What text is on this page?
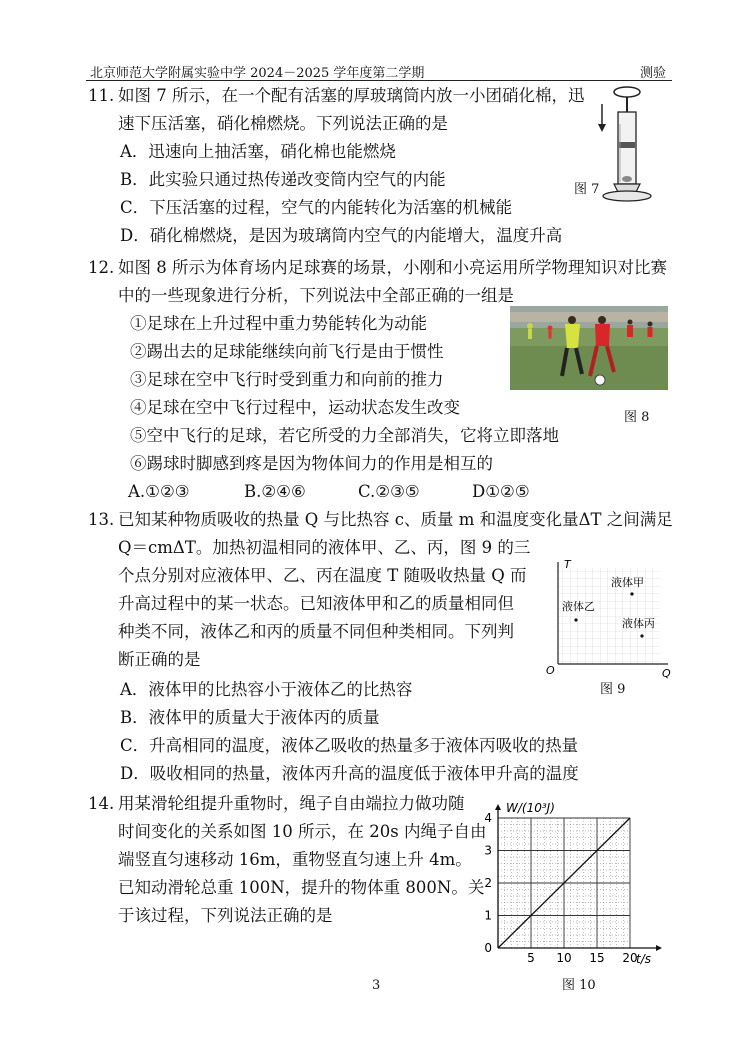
北京师范大学附属实验中学 2024－2025 学年度第二学期	测验
11. 如图 7 所示，在一个配有活塞的厚玻璃筒内放一小团硝化棉，迅
速下压活塞，硝化棉燃烧。下列说法正确的是
A．迅速向上抽活塞，硝化棉也能燃烧
B．此实验只通过热传递改变筒内空气的内能
C．下压活塞的过程，空气的内能转化为活塞的机械能
D．硝化棉燃烧，是因为玻璃筒内空气的内能增大，温度升高
图 7
12. 如图 8 所示为体育场内足球赛的场景，小刚和小亮运用所学物理知识对比赛
中的一些现象进行分析，下列说法中全部正确的一组是
①足球在上升过程中重力势能转化为动能
②踢出去的足球能继续向前飞行是由于惯性
③足球在空中飞行时受到重力和向前的推力
④足球在空中飞行过程中，运动状态发生改变
⑤空中飞行的足球，若它所受的力全部消失，它将立即落地
⑥踢球时脚感到疼是因为物体间力的作用是相互的
A.①②③	B.②④⑥	C.②③⑤	D①②⑤
图 8
13. 已知某种物质吸收的热量 Q 与比热容 c、质量 m 和温度变化量ΔT 之间满足
Q＝cmΔT。加热初温相同的液体甲、乙、丙，图 9 的三
个点分别对应液体甲、乙、丙在温度 T 随吸收热量 Q 而
升高过程中的某一状态。已知液体甲和乙的质量相同但
种类不同，液体乙和丙的质量不同但种类相同。下列判
断正确的是
A．液体甲的比热容小于液体乙的比热容
B．液体甲的质量大于液体丙的质量
C．升高相同的温度，液体乙吸收的热量多于液体丙吸收的热量
D．吸收相同的热量，液体丙升高的温度低于液体甲升高的温度
T
Q
O
液体甲
液体乙
液体丙
图 9
14. 用某滑轮组提升重物时，绳子自由端拉力做功随
时间变化的关系如图 10 所示，在 20s 内绳子自由
端竖直匀速移动 16m，重物竖直匀速上升 4m。
已知动滑轮总重 100N，提升的物体重 800N。关
于该过程，下列说法正确的是
5 10 15 20
0
1
2
3
4
W/(10³J)
t/s
图 10
3
